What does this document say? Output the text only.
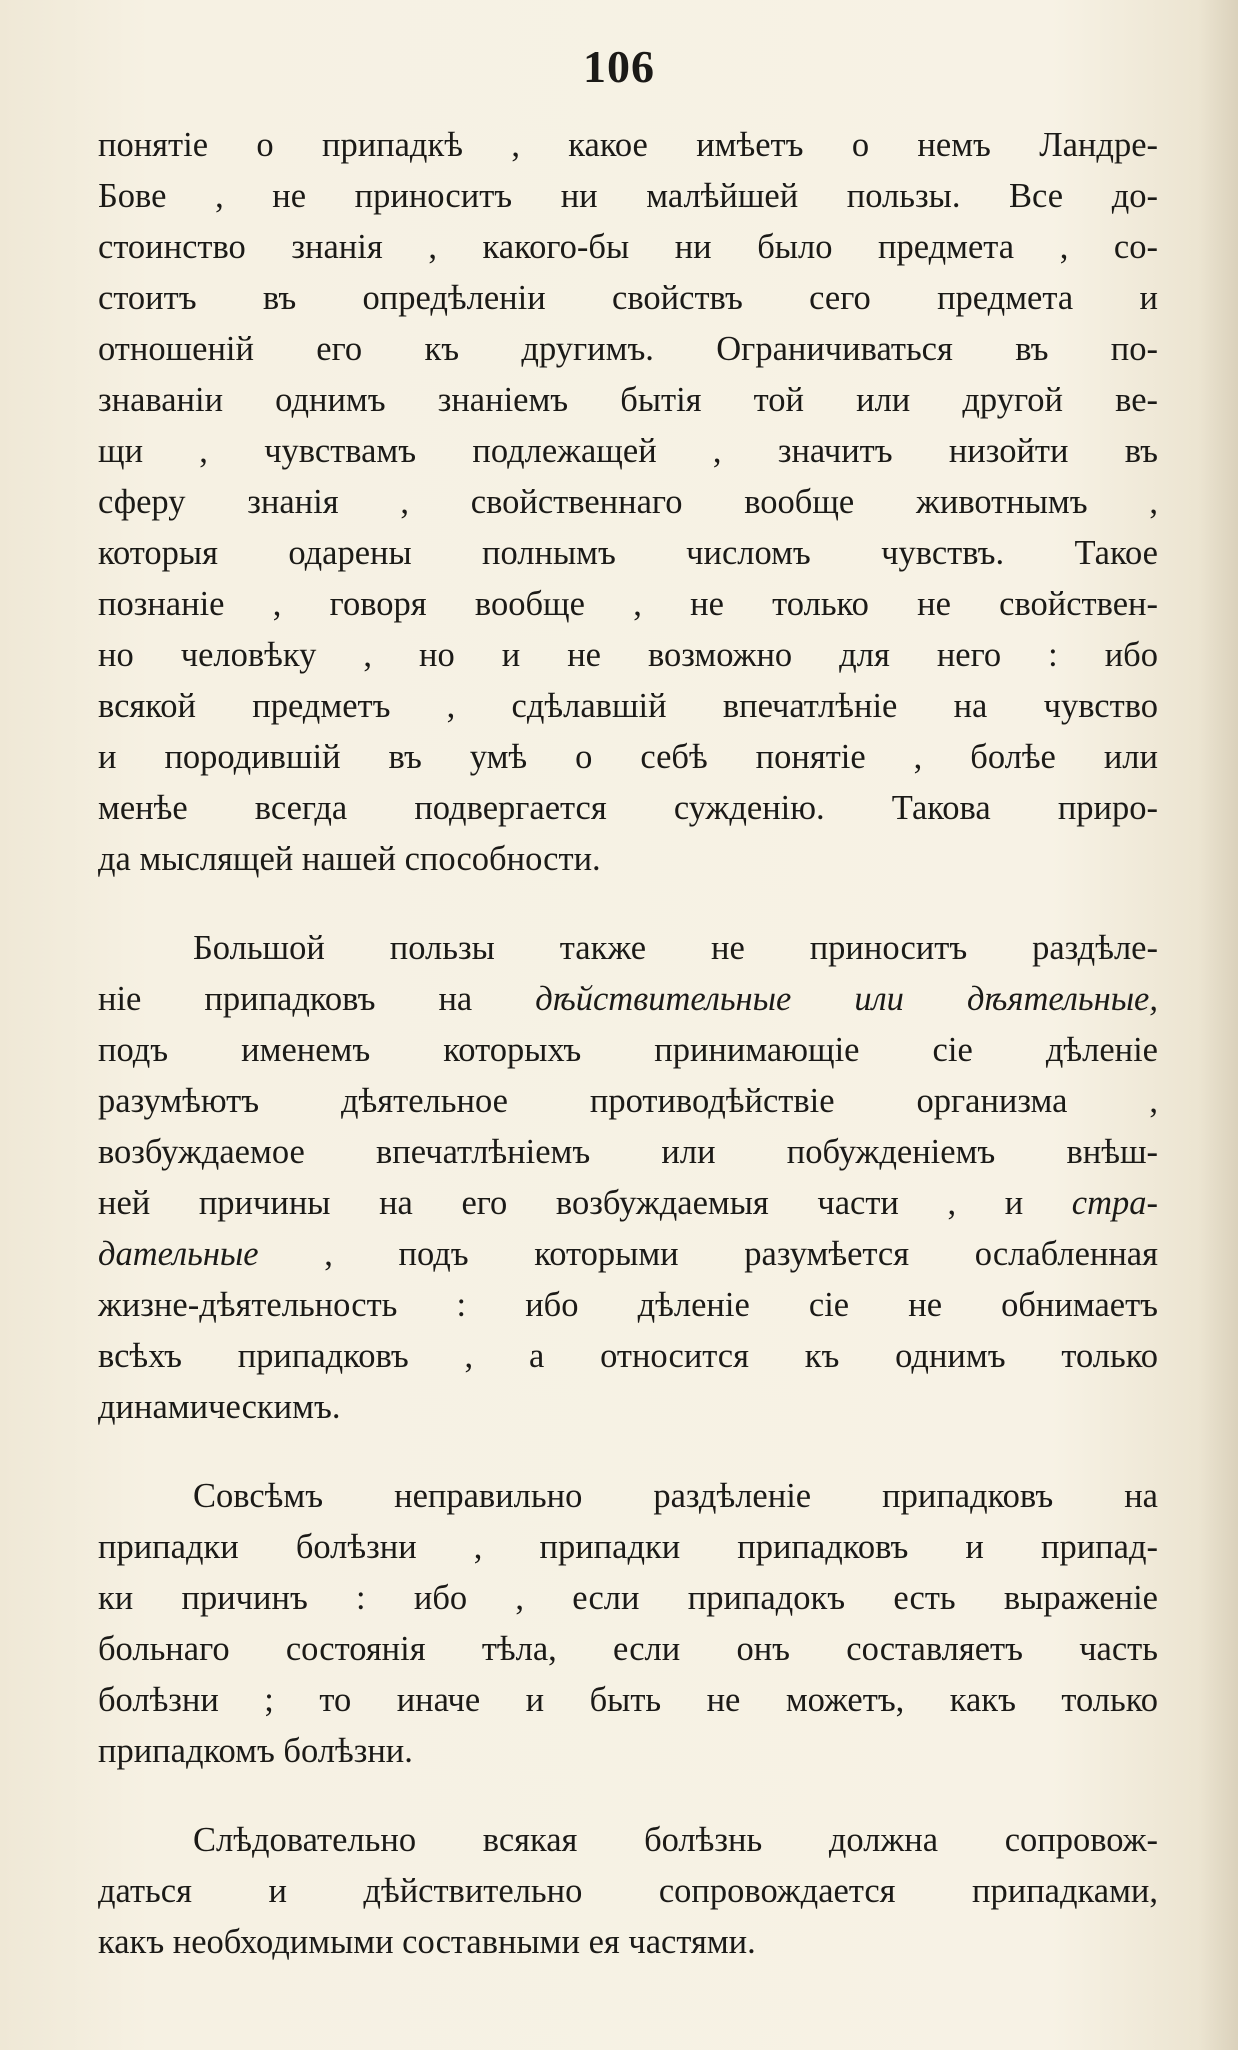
106
понятіе о припадкѣ , какое имѣетъ о немъ Ландре-
Бове , не приноситъ ни малѣйшей пользы. Все до-
стоинство знанія , какого-бы ни было предмета , со-
стоитъ въ опредѣленіи свойствъ сего предмета и
отношеній его къ другимъ. Ограничиваться въ по-
знаваніи однимъ знаніемъ бытія той или другой ве-
щи , чувствамъ подлежащей , значитъ низойти въ
сферу знанія , свойственнаго вообще животнымъ ,
которыя одарены полнымъ числомъ чувствъ. Такое
познаніе , говоря вообще , не только не свойствен-
но человѣку , но и не возможно для него : ибо
всякой предметъ , сдѣлавшій впечатлѣніе на чувство
и породившій въ умѣ о себѣ понятіе , болѣе или
менѣе всегда подвергается сужденію. Такова приро-
да мыслящей нашей способности.
Большой пользы также не приноситъ раздѣле-
ніе припадковъ на дѣйствительные или дѣятельные,
подъ именемъ которыхъ принимающіе сіе дѣленіе
разумѣютъ дѣятельное противодѣйствіе организма ,
возбуждаемое впечатлѣніемъ или побужденіемъ внѣш-
ней причины на его возбуждаемыя части , и стра-
дательные , подъ которыми разумѣется ослабленная
жизне-дѣятельность : ибо дѣленіе сіе не обнимаетъ
всѣхъ припадковъ , а относится къ однимъ только
динамическимъ.
Совсѣмъ неправильно раздѣленіе припадковъ на
припадки болѣзни , припадки припадковъ и припад-
ки причинъ : ибо , если припадокъ есть выраженіе
больнаго состоянія тѣла, если онъ составляетъ часть
болѣзни ; то иначе и быть не можетъ, какъ только
припадкомъ болѣзни.
Слѣдовательно всякая болѣзнь должна сопровож-
даться и дѣйствительно сопровождается припадками,
какъ необходимыми составными ея частями.
